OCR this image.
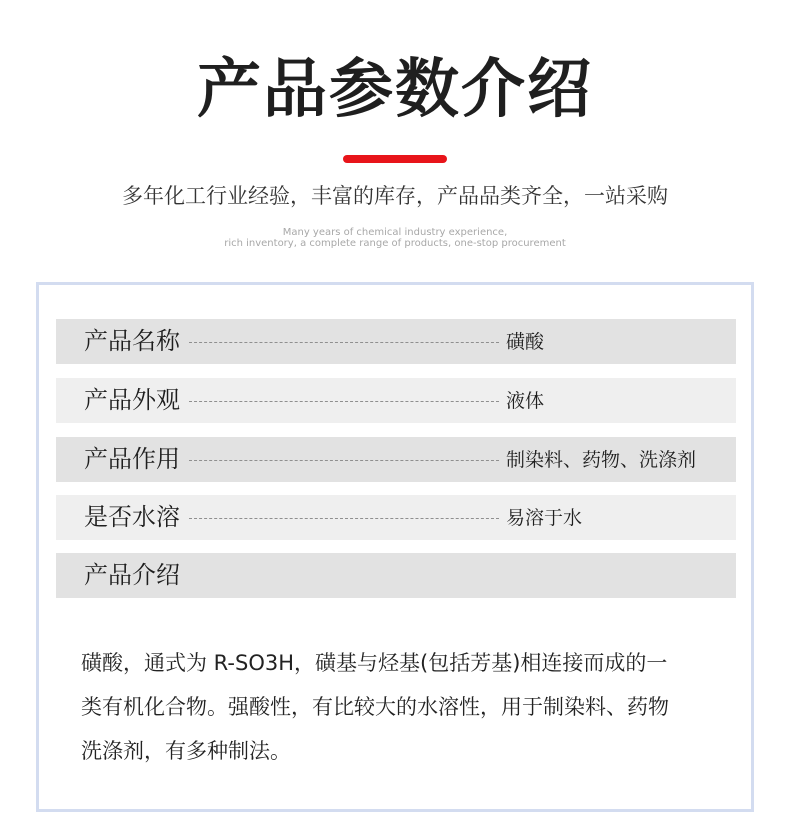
产品参数介绍
多年化工行业经验，丰富的库存，产品品类齐全，一站采购
Many years of chemical industry experience,
rich inventory, a complete range of products, one-stop procurement
产品名称	磺酸
产品外观	液体
产品作用	制染料、药物、洗涤剂
是否水溶	易溶于水
产品介绍
磺酸，通式为 R-SO3H，磺基与烃基(包括芳基)相连接而成的一
类有机化合物。强酸性，有比较大的水溶性，用于制染料、药物
洗涤剂，有多种制法。
